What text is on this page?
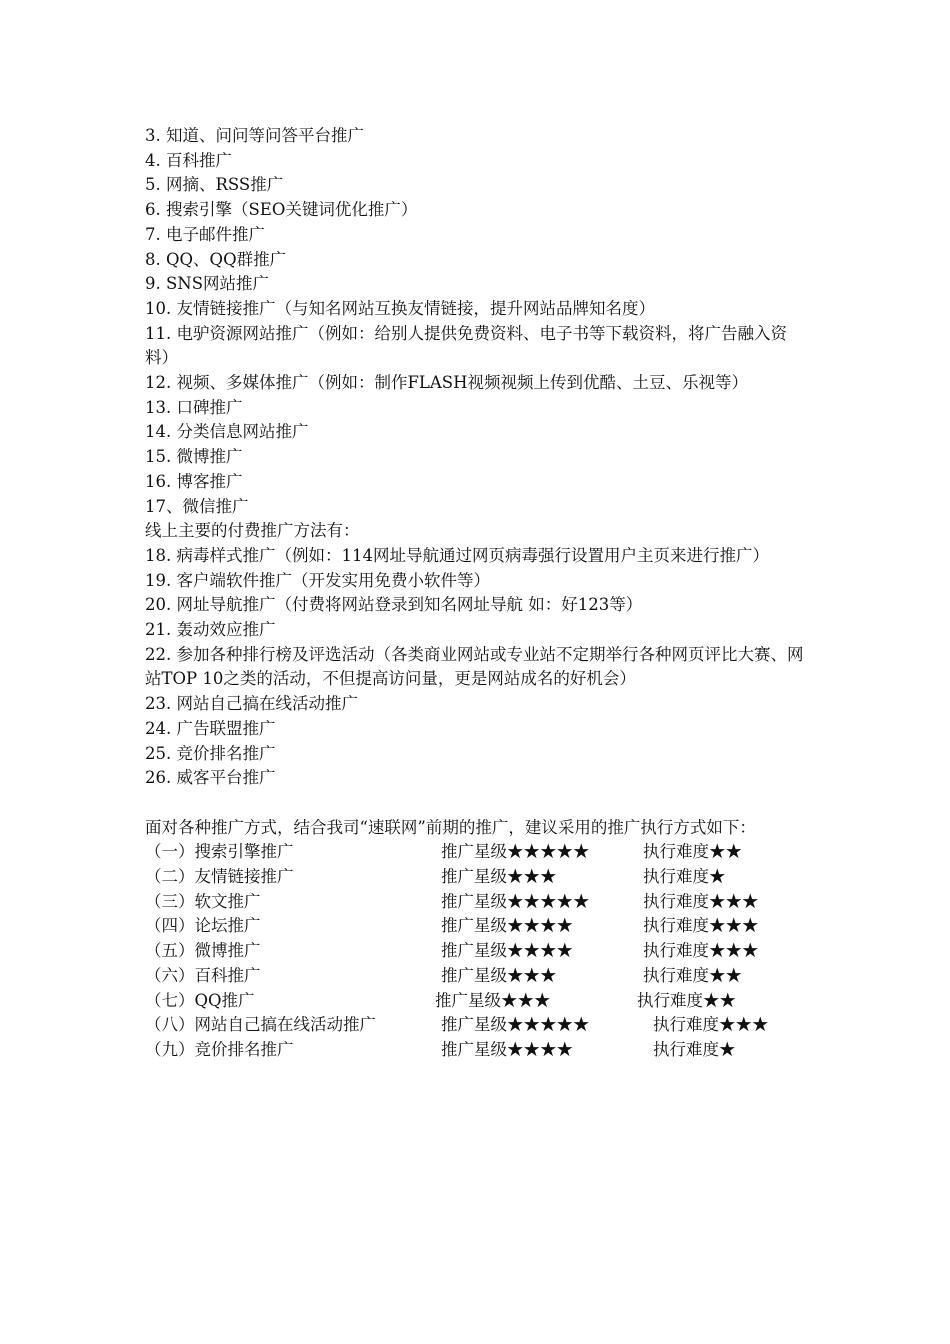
3. 知道、问问等问答平台推广
4. 百科推广
5. 网摘、RSS推广
6. 搜索引擎（SEO关键词优化推广）
7. 电子邮件推广
8. QQ、QQ群推广
9. SNS网站推广
10. 友情链接推广（与知名网站互换友情链接，提升网站品牌知名度）
11. 电驴资源网站推广（例如：给别人提供免费资料、电子书等下载资料，将广告融入资料）
12. 视频、多媒体推广（例如：制作FLASH视频视频上传到优酷、土豆、乐视等）
13. 口碑推广
14. 分类信息网站推广
15. 微博推广
16. 博客推广
17、微信推广
线上主要的付费推广方法有：
18. 病毒样式推广（例如：114网址导航通过网页病毒强行设置用户主页来进行推广）
19. 客户端软件推广（开发实用免费小软件等）
20. 网址导航推广（付费将网站登录到知名网址导航 如：好123等）
21. 轰动效应推广
22. 参加各种排行榜及评选活动（各类商业网站或专业站不定期举行各种网页评比大赛、网站TOP 10之类的活动，不但提高访问量，更是网站成名的好机会）
23. 网站自己搞在线活动推广
24. 广告联盟推广
25. 竞价排名推广
26. 威客平台推广
面对各种推广方式，结合我司“速联网”前期的推广，建议采用的推广执行方式如下：
（一）搜索引擎推广	推广星级★★★★★	执行难度★★
（二）友情链接推广	推广星级★★★	执行难度★
（三）软文推广	推广星级★★★★★	执行难度★★★
（四）论坛推广	推广星级★★★★	执行难度★★★
（五）微博推广	推广星级★★★★	执行难度★★★
（六）百科推广	推广星级★★★	执行难度★★
（七）QQ推广	推广星级★★★	执行难度★★
（八）网站自己搞在线活动推广	推广星级★★★★★	执行难度★★★
（九）竞价排名推广	推广星级★★★★	执行难度★
